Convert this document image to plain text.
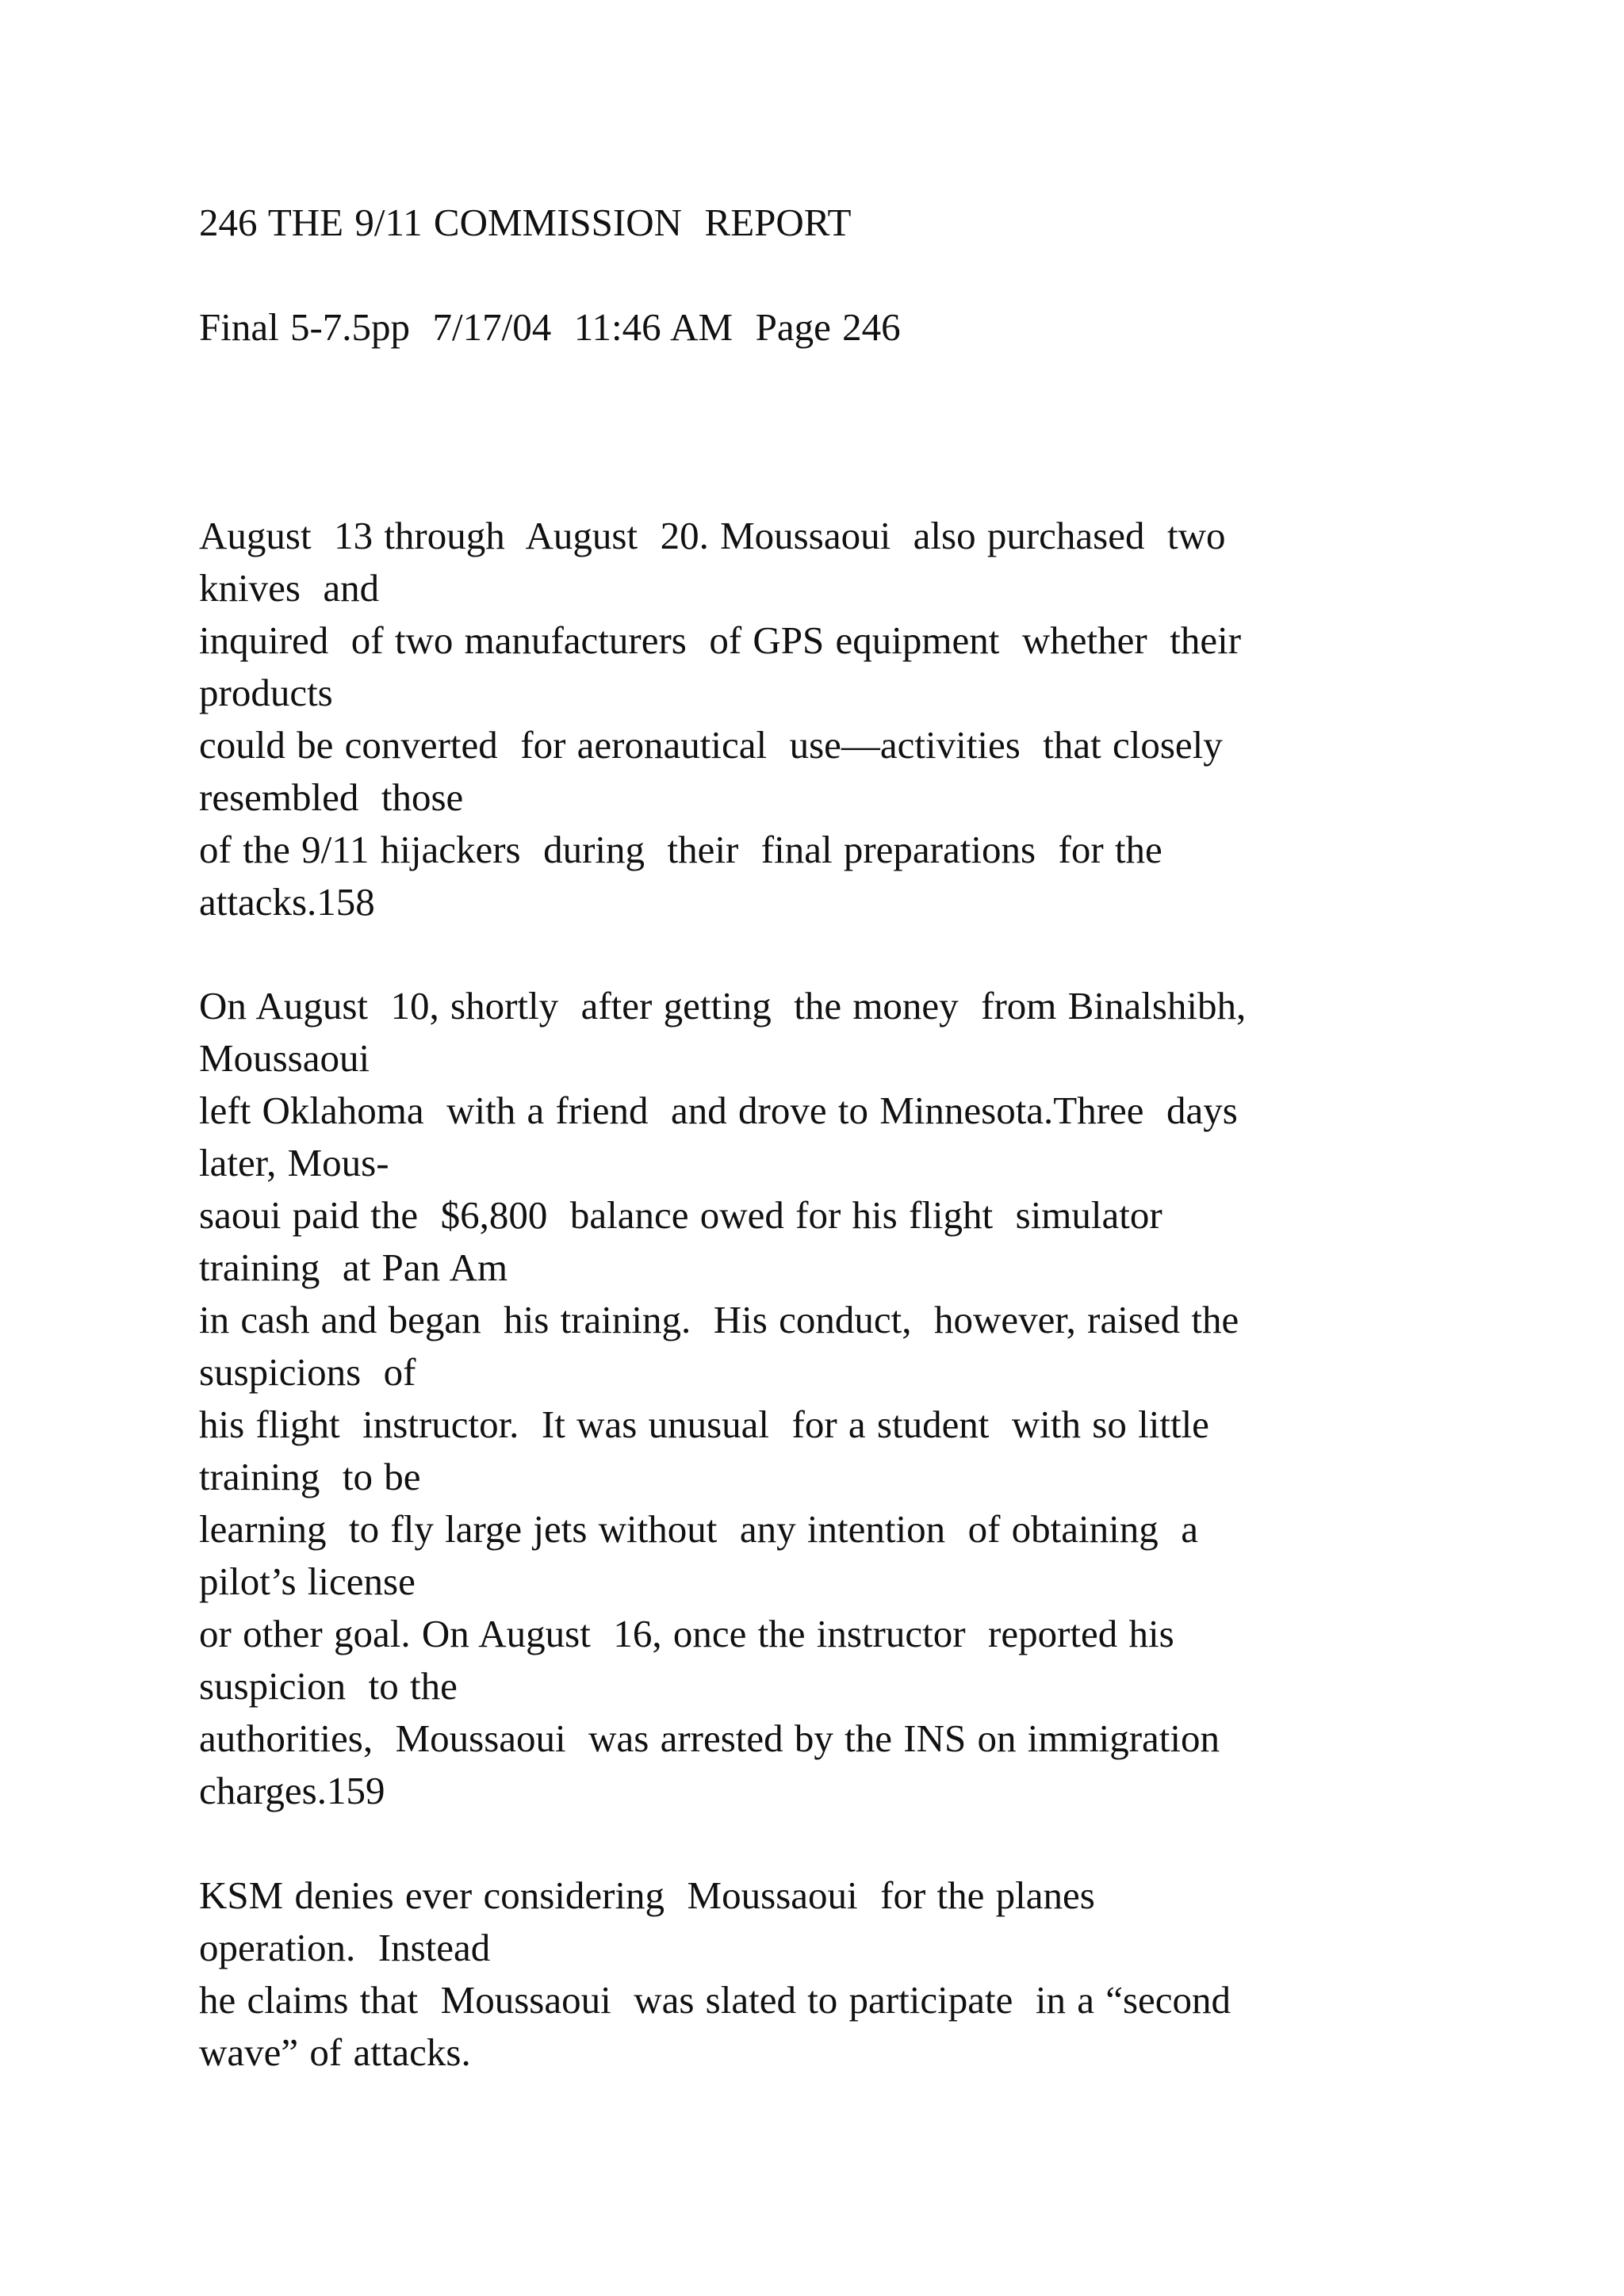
246 THE 9/11 COMMISSION  REPORT

Final 5-7.5pp  7/17/04  11:46 AM  Page 246

August  13 through  August  20. Moussaoui  also purchased  two

knives  and

inquired  of two manufacturers  of GPS equipment  whether  their

products

could be converted  for aeronautical  use—activities  that closely

resembled  those

of the 9/11 hijackers  during  their  final preparations  for the

attacks.158

On August  10, shortly  after getting  the money  from Binalshibh,

Moussaoui

left Oklahoma  with a friend  and drove to Minnesota.Three  days

later, Mous-

saoui paid the  $6,800  balance owed for his flight  simulator

training  at Pan Am

in cash and began  his training.  His conduct,  however, raised the

suspicions  of

his flight  instructor.  It was unusual  for a student  with so little

training  to be

learning  to fly large jets without  any intention  of obtaining  a

pilot’s license

or other goal. On August  16, once the instructor  reported his

suspicion  to the

authorities,  Moussaoui  was arrested by the INS on immigration

charges.159

KSM denies ever considering  Moussaoui  for the planes

operation.  Instead

he claims that  Moussaoui  was slated to participate  in a “second

wave” of attacks.
